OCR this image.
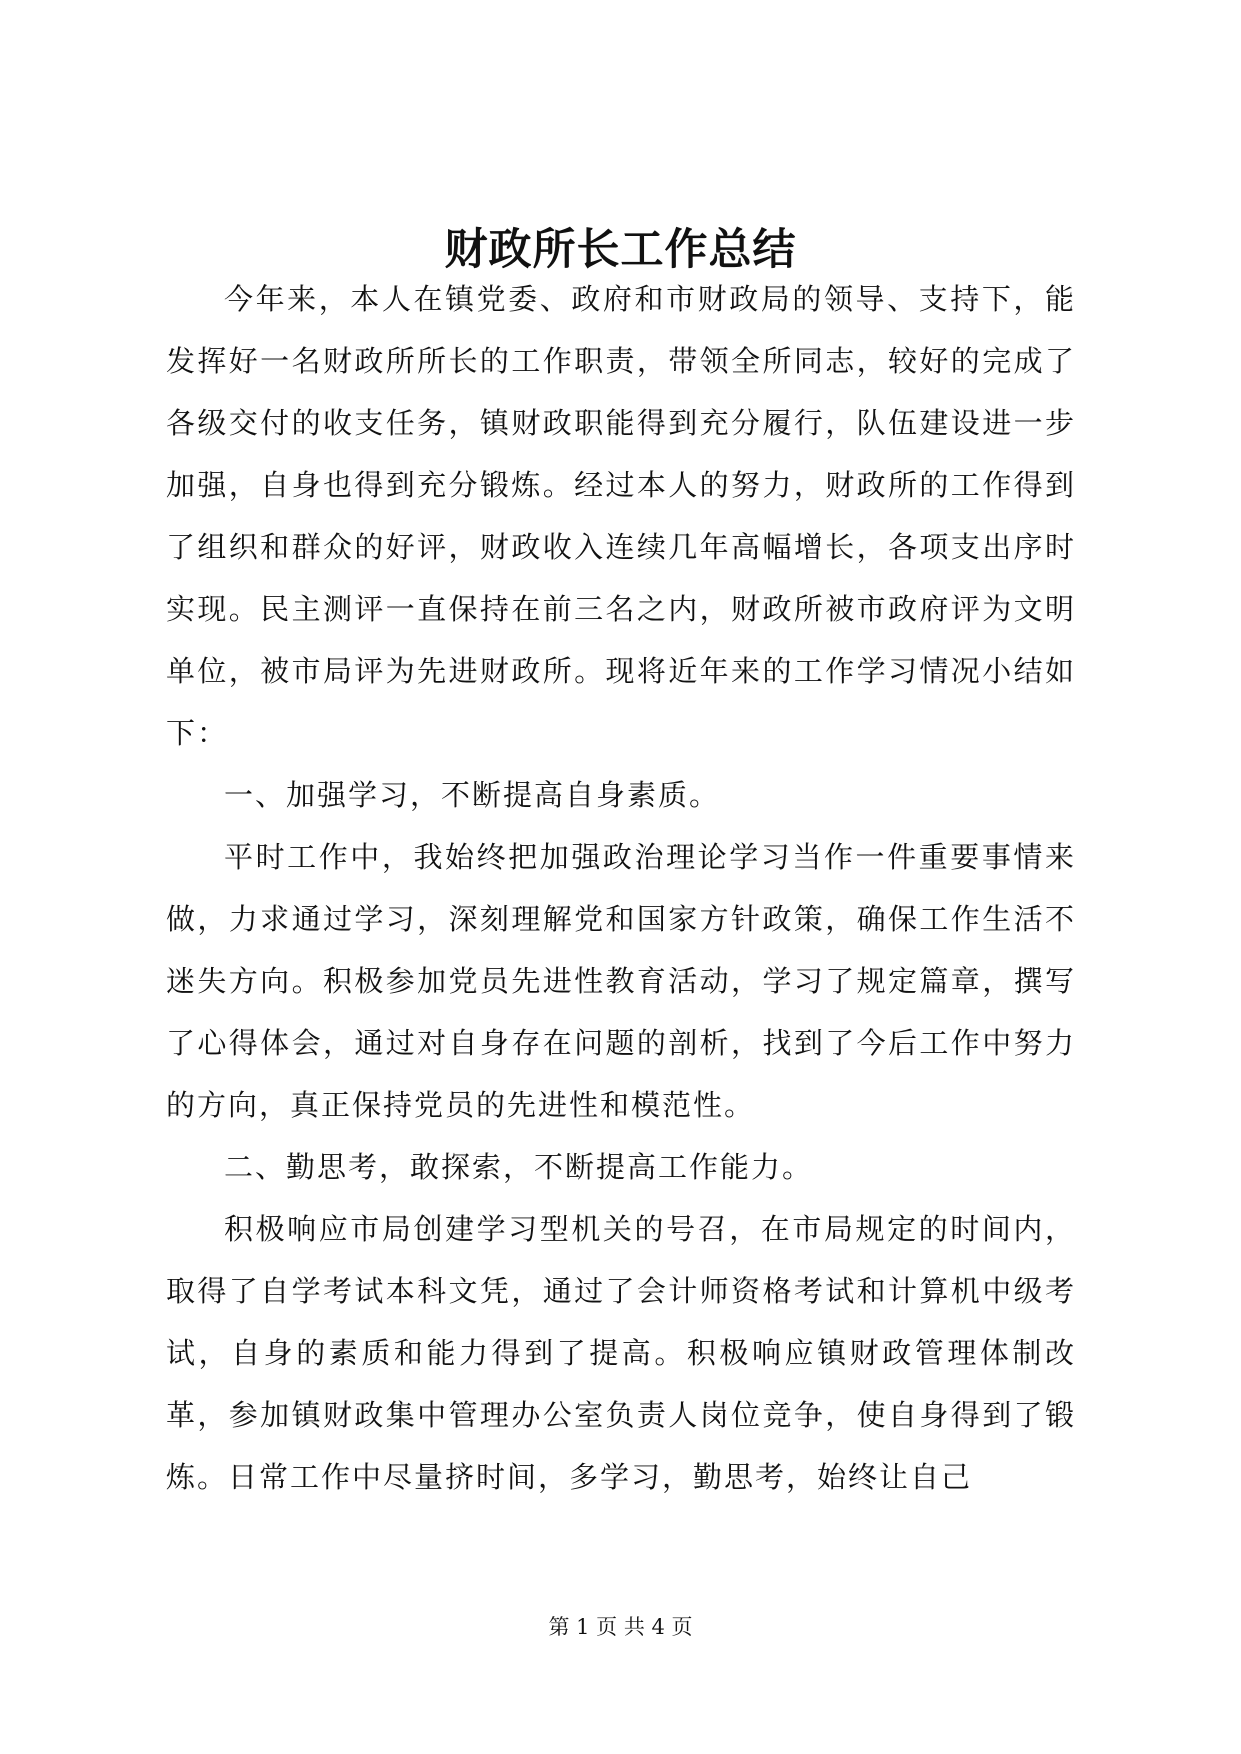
财政所长工作总结

今年来，本人在镇党委、政府和市财政局的领导、支持下，能发挥好一名财政所所长的工作职责，带领全所同志，较好的完成了各级交付的收支任务，镇财政职能得到充分履行，队伍建设进一步加强，自身也得到充分锻炼。经过本人的努力，财政所的工作得到了组织和群众的好评，财政收入连续几年高幅增长，各项支出序时实现。民主测评一直保持在前三名之内，财政所被市政府评为文明单位，被市局评为先进财政所。现将近年来的工作学习情况小结如下：

一、加强学习，不断提高自身素质。

平时工作中，我始终把加强政治理论学习当作一件重要事情来做，力求通过学习，深刻理解党和国家方针政策，确保工作生活不迷失方向。积极参加党员先进性教育活动，学习了规定篇章，撰写了心得体会，通过对自身存在问题的剖析，找到了今后工作中努力的方向，真正保持党员的先进性和模范性。

二、勤思考，敢探索，不断提高工作能力。

积极响应市局创建学习型机关的号召，在市局规定的时间内，取得了自学考试本科文凭，通过了会计师资格考试和计算机中级考试，自身的素质和能力得到了提高。积极响应镇财政管理体制改革，参加镇财政集中管理办公室负责人岗位竞争，使自身得到了锻炼。日常工作中尽量挤时间，多学习，勤思考，始终让自己

第 1 页 共 4 页
